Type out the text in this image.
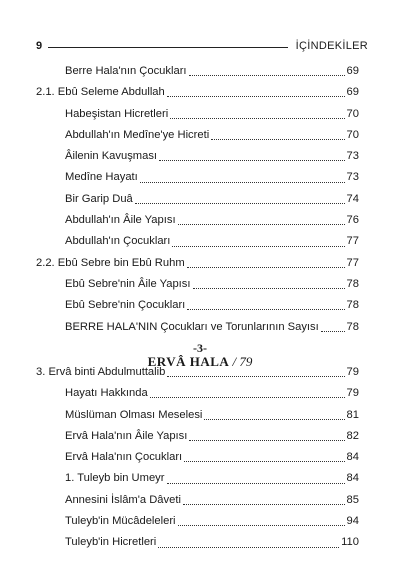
9	İÇİNDEKİLER
Berre Hala'nın Çocukları	69
2.1. Ebû Seleme Abdullah	69
Habeşistan Hicretleri	70
Abdullah'ın Medîne'ye Hicreti	70
Âilenin Kavuşması	73
Medîne Hayatı	73
Bir Garip Duâ	74
Abdullah'ın Âile Yapısı	76
Abdullah'ın Çocukları	77
2.2. Ebû Sebre bin Ebû Ruhm	77
Ebû Sebre'nin Âile Yapısı	78
Ebû Sebre'nin Çocukları	78
BERRE HALA'NIN Çocukları ve Torunlarının Sayısı 78
-3-
ERVÂ HALA / 79
3. Ervâ binti Abdulmuttalib	79
Hayatı Hakkında	79
Müslüman Olması Meselesi	81
Ervâ Hala'nın Âile Yapısı	82
Ervâ Hala'nın Çocukları	84
1. Tuleyb bin Umeyr	84
Annesini İslâm'a Dâveti	85
Tuleyb'in Mücâdeleleri	94
Tuleyb'in Hicretleri	110
